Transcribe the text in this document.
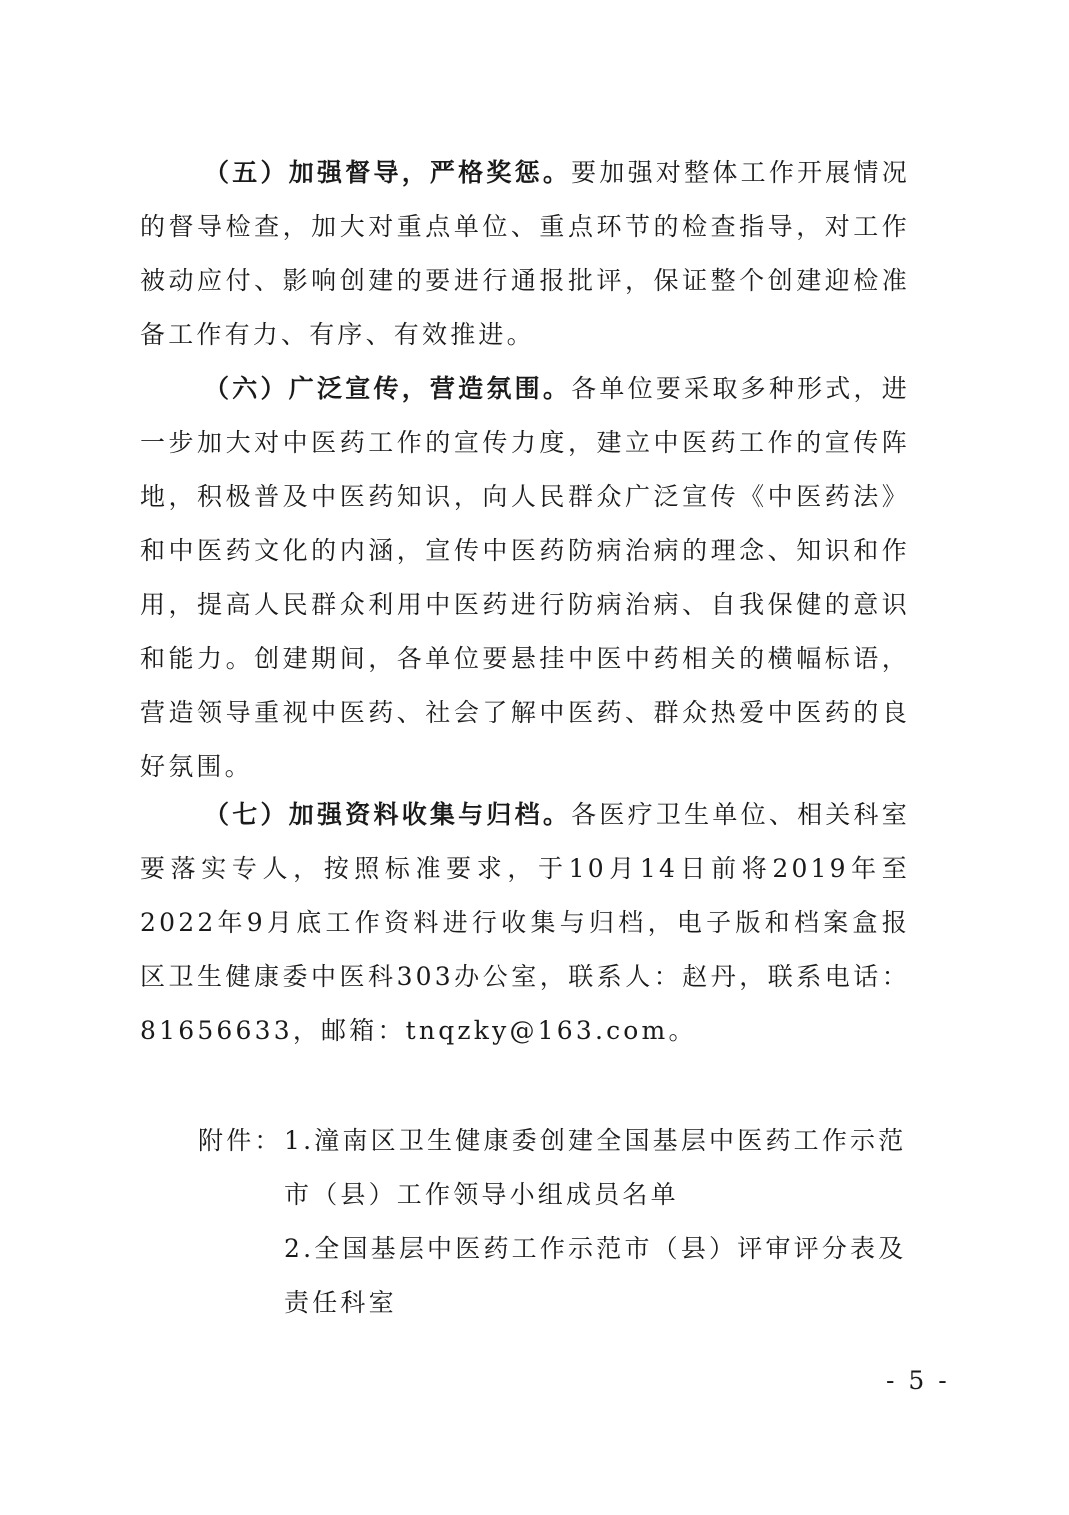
（五）加强督导，严格奖惩。要加强对整体工作开展情况的督导检查，加大对重点单位、重点环节的检查指导，对工作被动应付、影响创建的要进行通报批评，保证整个创建迎检准备工作有力、有序、有效推进。

（六）广泛宣传，营造氛围。各单位要采取多种形式，进一步加大对中医药工作的宣传力度，建立中医药工作的宣传阵地，积极普及中医药知识，向人民群众广泛宣传《中医药法》和中医药文化的内涵，宣传中医药防病治病的理念、知识和作用，提高人民群众利用中医药进行防病治病、自我保健的意识和能力。创建期间，各单位要悬挂中医中药相关的横幅标语，营造领导重视中医药、社会了解中医药、群众热爱中医药的良好氛围。

（七）加强资料收集与归档。各医疗卫生单位、相关科室要落实专人，按照标准要求，于10月14日前将2019年至2022年9月底工作资料进行收集与归档，电子版和档案盒报区卫生健康委中医科303办公室，联系人：赵丹，联系电话：81656633，邮箱：tnqzky@163.com。

附件： 1.潼南区卫生健康委创建全国基层中医药工作示范市（县）工作领导小组成员名单
2.全国基层中医药工作示范市（县）评审评分表及责任科室
- 5 -
